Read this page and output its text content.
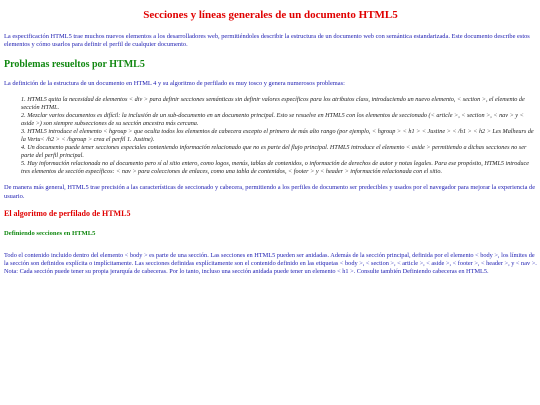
Secciones y líneas generales de un documento HTML5

La especificación HTML5 trae muchos nuevos elementos a los desarrolladores web, permitiéndoles describir la estructura de un documento web con semántica estandarizada. Este documento describe estos elementos y cómo usarlos para definir el perfil de cualquier documento.

Problemas resueltos por HTML5

La definición de la estructura de un documento en HTML 4 y su algoritmo de perfilado es muy tosco y genera numerosos problemas:

1. HTML5 quita la necesidad de elementos < div > para definir secciones semánticas sin definir valores específicos para los atributos class, introduciendo un nuevo elemento, < section >, el elemento de sección HTML.
2. Mezclar varios documentos es difícil: la inclusión de un sub-documento en un documento principal. Esto se resuelve en HTML5 con los elementos de seccionado (< article >, < section >, < nav > y < aside >) son siempre subsecciones de su sección ancestra más cercana.
3. HTML5 introduce el elemento < hgroup > que oculta todos los elementos de cabecera excepto el primero de más alto rango (por ejemplo, < hgroup > < h1 > < Justine > < /h1 > < h2 > Les Malheurs de la Vertu< /h2 > < /hgroup > crea el perfil 1. Justine).
4. Un documento puede tener secciones especiales conteniendo información relacionado que no es parte del flujo principal. HTML5 introduce el elemento < aside > permitiendo a dichas secciones no ser parte del perfil principal.
5. Hay información relacionada no al documento pero sí al sitio entero, como logos, menús, tablas de contenidos, o información de derechos de autor y notas legales. Para ese propósito, HTML5 introduce tres elementos de sección específicos: < nav > para colecciones de enlaces, como una tabla de contenidos, < footer > y < header > información relacionada con el sitio.

De manera más general, HTML5 trae precisión a las características de seccionado y cabecera, permitiendo a los perfiles de documento ser predecibles y usados por el navegador para mejorar la experiencia de usuario.

El algoritmo de perfilado de HTML5
Definiendo secciones en HTML5

Todo el contenido incluido dentro del elemento < body > es parte de una sección. Las secciones en HTML5 pueden ser anidadas. Además de la sección principal, definida por el elemento < body >, los límites de la sección son definidos explícita o implícitamente. Las secciones definidas explícitamente son el contenido definido en las etiquetas < body >, < section >, < article >, < aside >, < footer >, < header >, y < nav >. Nota: Cada sección puede tener su propia jerarquía de cabeceras. Por lo tanto, incluso una sección anidada puede tener un elemento < h1 >. Consulte también Definiendo cabeceras en HTML5.
